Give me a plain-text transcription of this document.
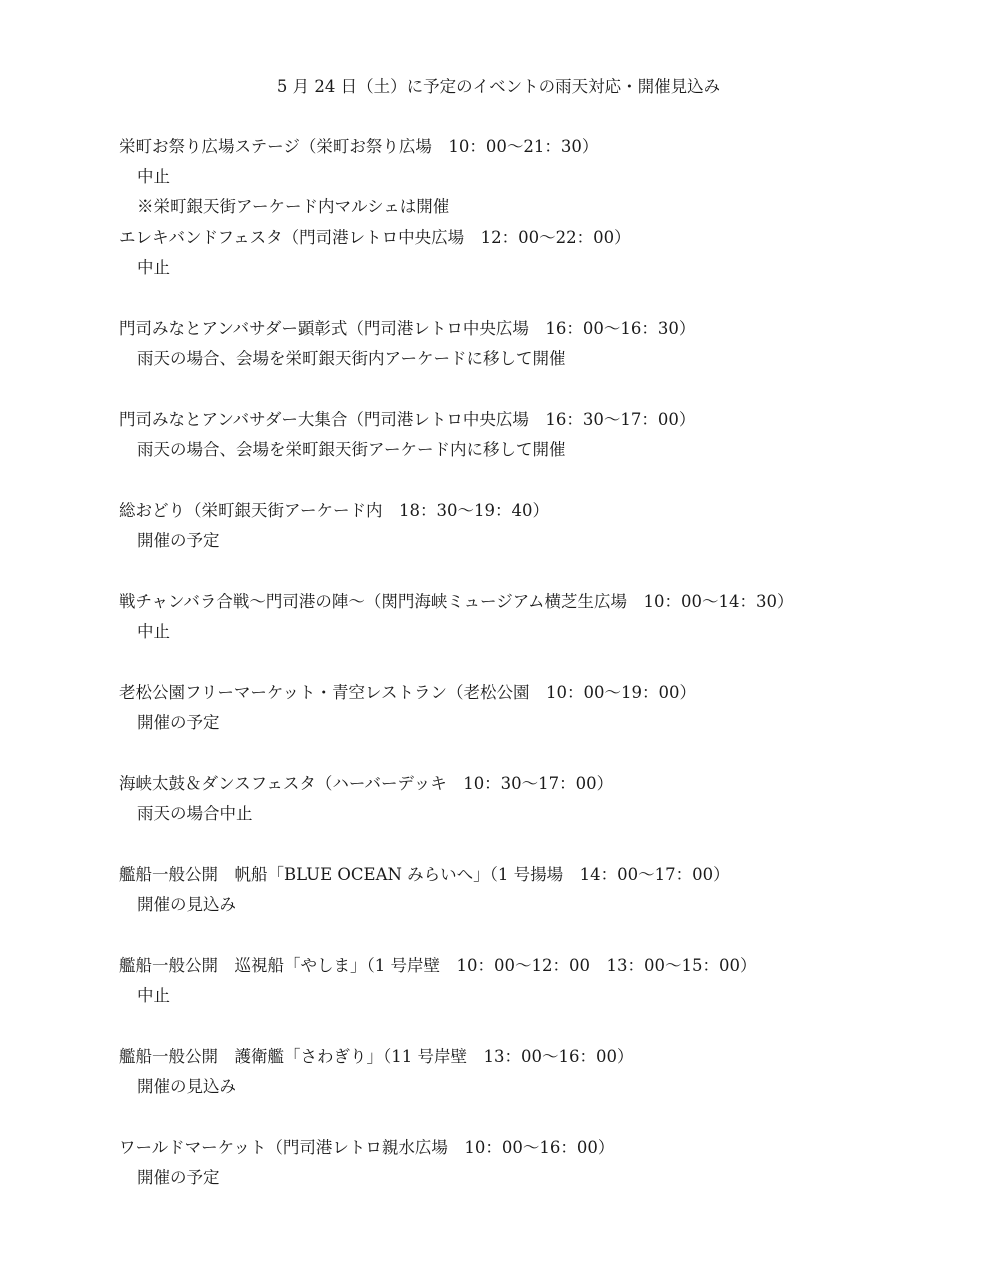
5 月 24 日（土）に予定のイベントの雨天対応・開催見込み
栄町お祭り広場ステージ（栄町お祭り広場　10：00〜21：30）
中止
※栄町銀天街アーケード内マルシェは開催
エレキバンドフェスタ（門司港レトロ中央広場　12：00〜22：00）
中止
門司みなとアンバサダー顕彰式（門司港レトロ中央広場　16：00〜16：30）
雨天の場合、会場を栄町銀天街内アーケードに移して開催
門司みなとアンバサダー大集合（門司港レトロ中央広場　16：30〜17：00）
雨天の場合、会場を栄町銀天街アーケード内に移して開催
総おどり（栄町銀天街アーケード内　18：30〜19：40）
開催の予定
戦チャンバラ合戦〜門司港の陣〜（関門海峡ミュージアム横芝生広場　10：00〜14：30）
中止
老松公園フリーマーケット・青空レストラン（老松公園　10：00〜19：00）
開催の予定
海峡太鼓＆ダンスフェスタ（ハーバーデッキ　10：30〜17：00）
雨天の場合中止
艦船一般公開　帆船「BLUE OCEAN みらいへ」（1 号揚場　14：00〜17：00）
開催の見込み
艦船一般公開　巡視船「やしま」（1 号岸壁　10：00〜12：00　13：00〜15：00）
中止
艦船一般公開　護衛艦「さわぎり」（11 号岸壁　13：00〜16：00）
開催の見込み
ワールドマーケット（門司港レトロ親水広場　10：00〜16：00）
開催の予定
